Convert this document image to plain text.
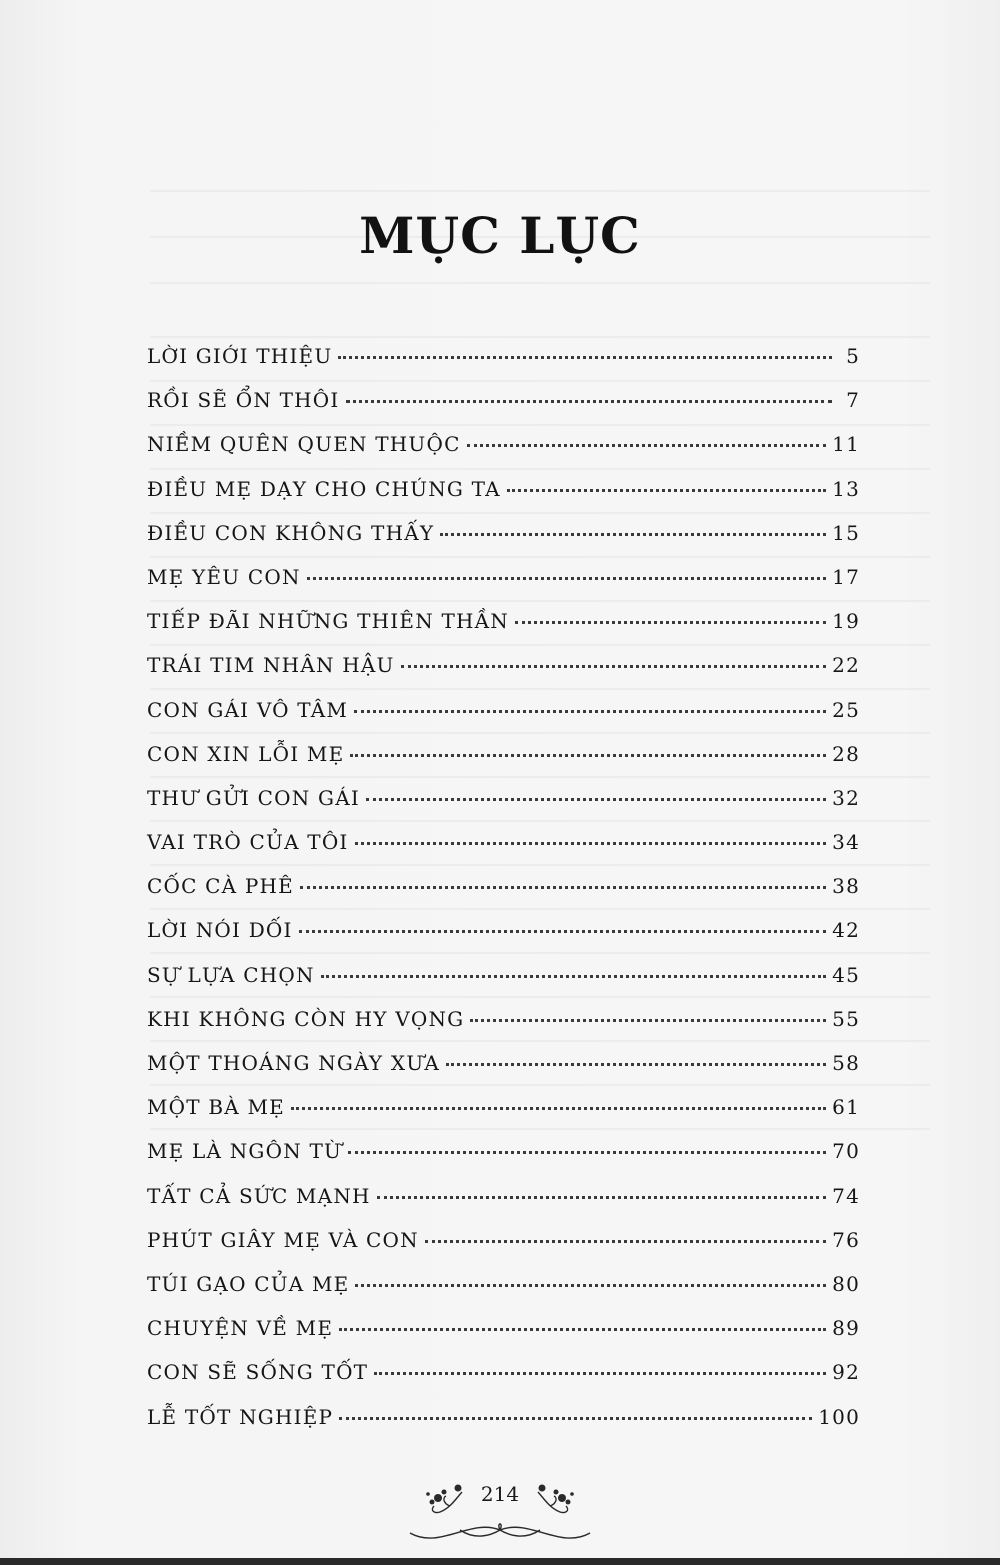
MỤC LỤC
LỜI GIỚI THIỆU	5
RỒI SẼ ỔN THÔI	7
NIỀM QUÊN QUEN THUỘC	11
ĐIỀU MẸ DẠY CHO CHÚNG TA	13
ĐIỀU CON KHÔNG THẤY	15
MẸ YÊU CON	17
TIẾP ĐÃI NHỮNG THIÊN THẦN	19
TRÁI TIM NHÂN HẬU	22
CON GÁI VÔ TÂM	25
CON XIN LỖI MẸ	28
THƯ GỬI CON GÁI	32
VAI TRÒ CỦA TÔI	34
CỐC CÀ PHÊ	38
LỜI NÓI DỐI	42
SỰ LỰA CHỌN	45
KHI KHÔNG CÒN HY VỌNG	55
MỘT THOÁNG NGÀY XƯA	58
MỘT BÀ MẸ	61
MẸ LÀ NGÔN TỪ	70
TẤT CẢ SỨC MẠNH	74
PHÚT GIÂY MẸ VÀ CON	76
TÚI GẠO CỦA MẸ	80
CHUYỆN VỀ MẸ	89
CON SẼ SỐNG TỐT	92
LỄ TỐT NGHIỆP	100
214
